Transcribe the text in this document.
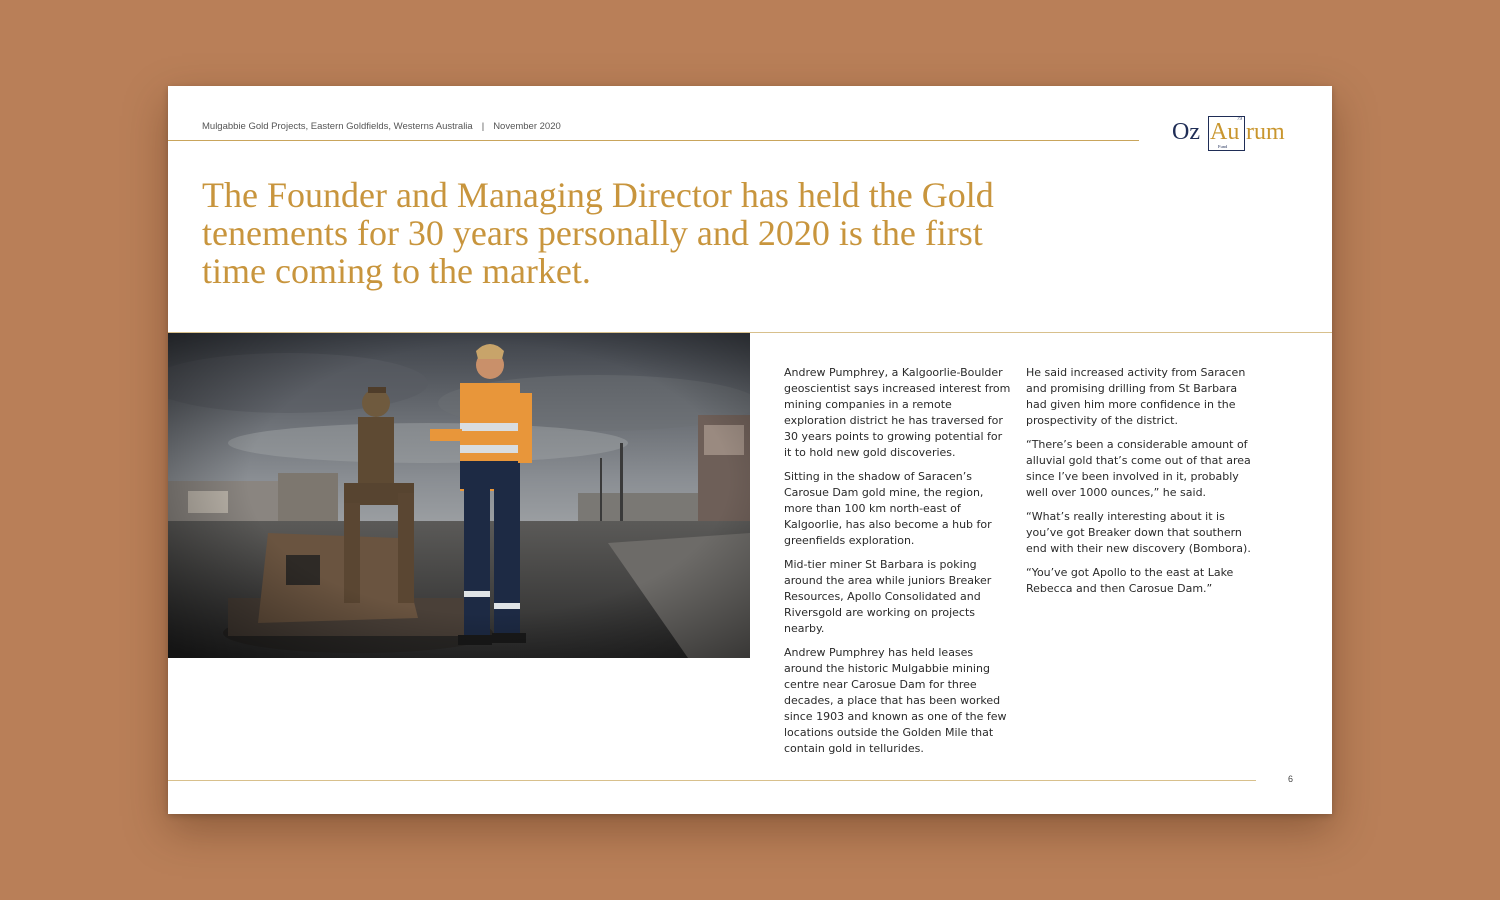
Mulgabbie Gold Projects, Eastern Goldfields, Westerns Australia | November 2020	Oz	79
Au
Fund
rum
The Founder and Managing Director has held the Gold tenements for 30 years personally and 2020 is the first time coming to the market.

Andrew Pumphrey, a Kalgoorlie-Boulder geoscientist says increased interest from mining companies in a remote exploration district he has traversed for 30 years points to growing potential for it to hold new gold discoveries.

Sitting in the shadow of Saracen’s Carosue Dam gold mine, the region, more than 100 km north-east of Kalgoorlie, has also become a hub for greenfields exploration.

Mid-tier miner St Barbara is poking around the area while juniors Breaker Resources, Apollo Consolidated and Riversgold are working on projects nearby.

Andrew Pumphrey has held leases around the historic Mulgabbie mining centre near Carosue Dam for three decades, a place that has been worked since 1903 and known as one of the few locations outside the Golden Mile that contain gold in tellurides.

He said increased activity from Saracen and promising drilling from St Barbara had given him more confidence in the prospectivity of the district.

“There’s been a considerable amount of alluvial gold that’s come out of that area since I’ve been involved in it, probably well over 1000 ounces,” he said.

“What’s really interesting about it is you’ve got Breaker down that southern end with their new discovery (Bombora).

“You’ve got Apollo to the east at Lake Rebecca and then Carosue Dam.”

6
